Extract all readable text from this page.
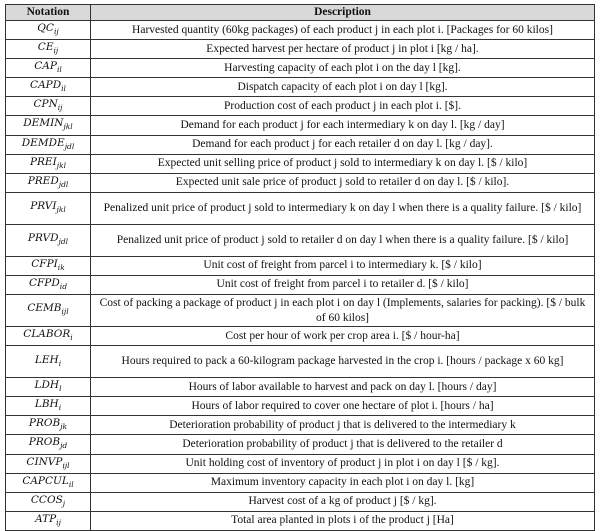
Notation	Description
$QC_{ij}$	Harvested quantity (60kg packages) of each product j in each plot i. [Packages for 60 kilos]
$CE_{ij}$	Expected harvest per hectare of product j in plot i [kg / ha].
$CAP_{il}$	Harvesting capacity of each plot i on the day l [kg].
$CAPD_{il}$	Dispatch capacity of each plot i on day l [kg].
$CPN_{ij}$	Production cost of each product j in each plot i. [$].
$DEMIN_{jkl}$	Demand for each product j for each intermediary k on day l. [kg / day]
$DEMDE_{jdl}$	Demand for each product j for each retailer d on day l. [kg / day].
$PREI_{jkl}$	Expected unit selling price of product j sold to intermediary k on day l. [$ / kilo]
$PRED_{jdl}$	Expected unit sale price of product j sold to retailer d on day l. [$ / kilo].
$PRVI_{jkl}$	Penalized unit price of product j sold to intermediary k on day l when there is a quality failure. [$ / kilo]
$PRVD_{jdl}$	Penalized unit price of product j sold to retailer d on day l when there is a quality failure. [$ / kilo]
$CFPI_{ik}$	Unit cost of freight from parcel i to intermediary k. [$ / kilo]
$CFPD_{id}$	Unit cost of freight from parcel i to retailer d. [$ / kilo]
$CEMB_{ijl}$	Cost of packing a package of product j in each plot i on day l (Implements, salaries for packing). [$ / bulk of 60 kilos]
$CLABOR_i$	Cost per hour of work per crop area i. [$ / hour-ha]
$LEH_i$	Hours required to pack a 60-kilogram package harvested in the crop i. [hours / package x 60 kg]
$LDH_l$	Hours of labor available to harvest and pack on day l. [hours / day]
$LBH_i$	Hours of labor required to cover one hectare of plot i. [hours / ha]
$PROB_{jk}$	Deterioration probability of product j that is delivered to the intermediary k
$PROB_{jd}$	Deterioration probability of product j that is delivered to the retailer d
$CINVP_{ijl}$	Unit holding cost of inventory of product j in plot i on day l [$ / kg].
$CAPCUL_{il}$	Maximum inventory capacity in each plot i on day l. [kg]
$CCOS_j$	Harvest cost of a kg of product j [$ / kg].
$ATP_{ij}$	Total area planted in plots i of the product j [Ha]
